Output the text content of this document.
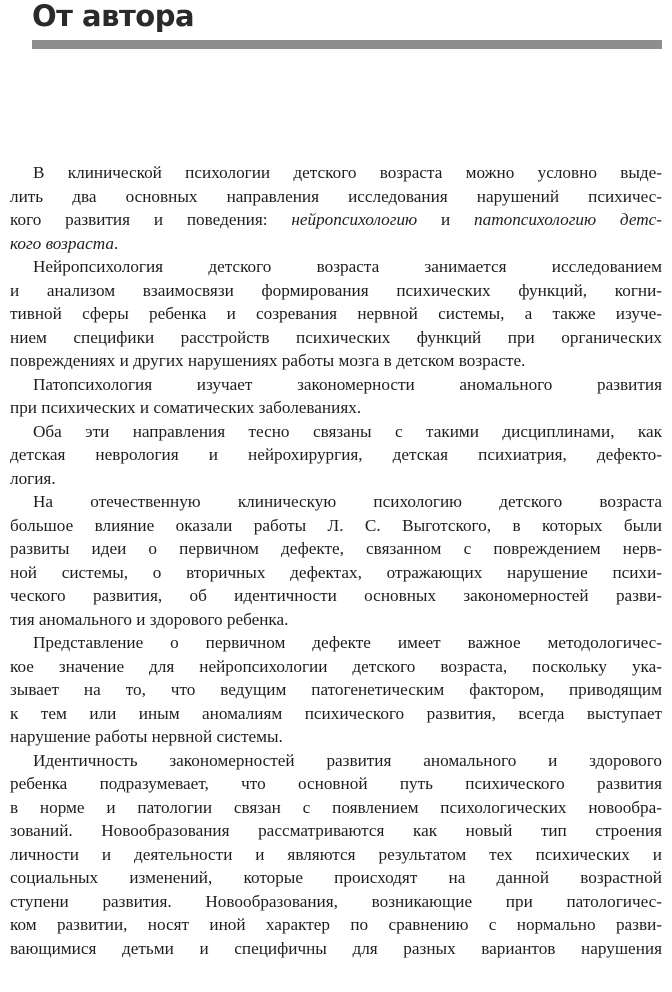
От автора
В клинической психологии детского возраста можно условно выде-
лить два основных направления исследования нарушений психичес-
кого развития и поведения: нейропсихологию и патопсихологию детс-
кого возраста.
Нейропсихология детского возраста занимается исследованием
и анализом взаимосвязи формирования психических функций, когни-
тивной сферы ребенка и созревания нервной системы, а также изуче-
нием специфики расстройств психических функций при органических
повреждениях и других нарушениях работы мозга в детском возрасте.
Патопсихология изучает закономерности аномального развития
при психических и соматических заболеваниях.
Оба эти направления тесно связаны с такими дисциплинами, как
детская неврология и нейрохирургия, детская психиатрия, дефекто-
логия.
На отечественную клиническую психологию детского возраста
большое влияние оказали работы Л. С. Выготского, в которых были
развиты идеи о первичном дефекте, связанном с повреждением нерв-
ной системы, о вторичных дефектах, отражающих нарушение психи-
ческого развития, об идентичности основных закономерностей разви-
тия аномального и здорового ребенка.
Представление о первичном дефекте имеет важное методологичес-
кое значение для нейропсихологии детского возраста, поскольку ука-
зывает на то, что ведущим патогенетическим фактором, приводящим
к тем или иным аномалиям психического развития, всегда выступает
нарушение работы нервной системы.
Идентичность закономерностей развития аномального и здорового
ребенка подразумевает, что основной путь психического развития
в норме и патологии связан с появлением психологических новообра-
зований. Новообразования рассматриваются как новый тип строения
личности и деятельности и являются результатом тех психических и
социальных изменений, которые происходят на данной возрастной
ступени развития. Новообразования, возникающие при патологичес-
ком развитии, носят иной характер по сравнению с нормально разви-
вающимися детьми и специфичны для разных вариантов нарушения
